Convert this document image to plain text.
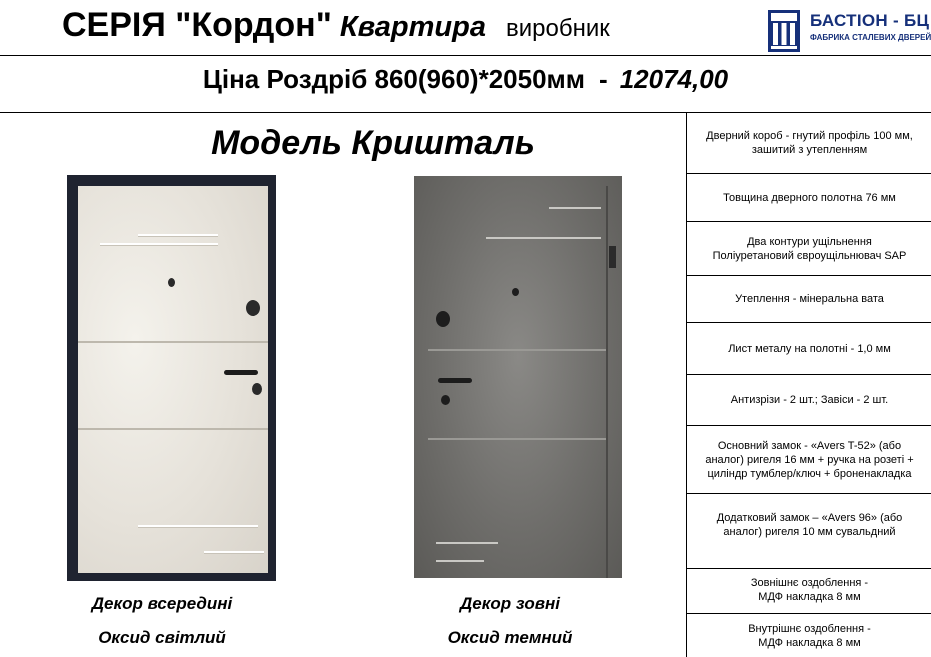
СЕРІЯ "Кордон" Квартира виробник	БАСТІОН - БЦ
ФАБРИКА СТАЛЕВИХ ДВЕРЕЙ
Ціна Роздріб 860(960)*2050мм - 12074,00
Модель Кришталь
Декор всередині
Оксид світлий
Декор зовні
Оксид темний
Дверний короб - гнутий профіль 100 мм,
зашитий з утепленням
Товщина дверного полотна 76 мм
Два контури ущільнення
Поліуретановий євроущільнювач SAP
Утеплення - мінеральна вата
Лист металу на полотні - 1,0 мм
Антизрізи - 2 шт.; Завіси - 2 шт.
Основний замок - «Avers T-52» (або
аналог) ригеля 16 мм + ручка на розеті +
циліндр тумблер/ключ + броненакладка
Додатковий замок – «Avers 96» (або
аналог) ригеля 10 мм сувальдний
Зовнішнє оздоблення -
МДФ накладка 8 мм
Внутрішнє оздоблення -
МДФ накладка 8 мм
